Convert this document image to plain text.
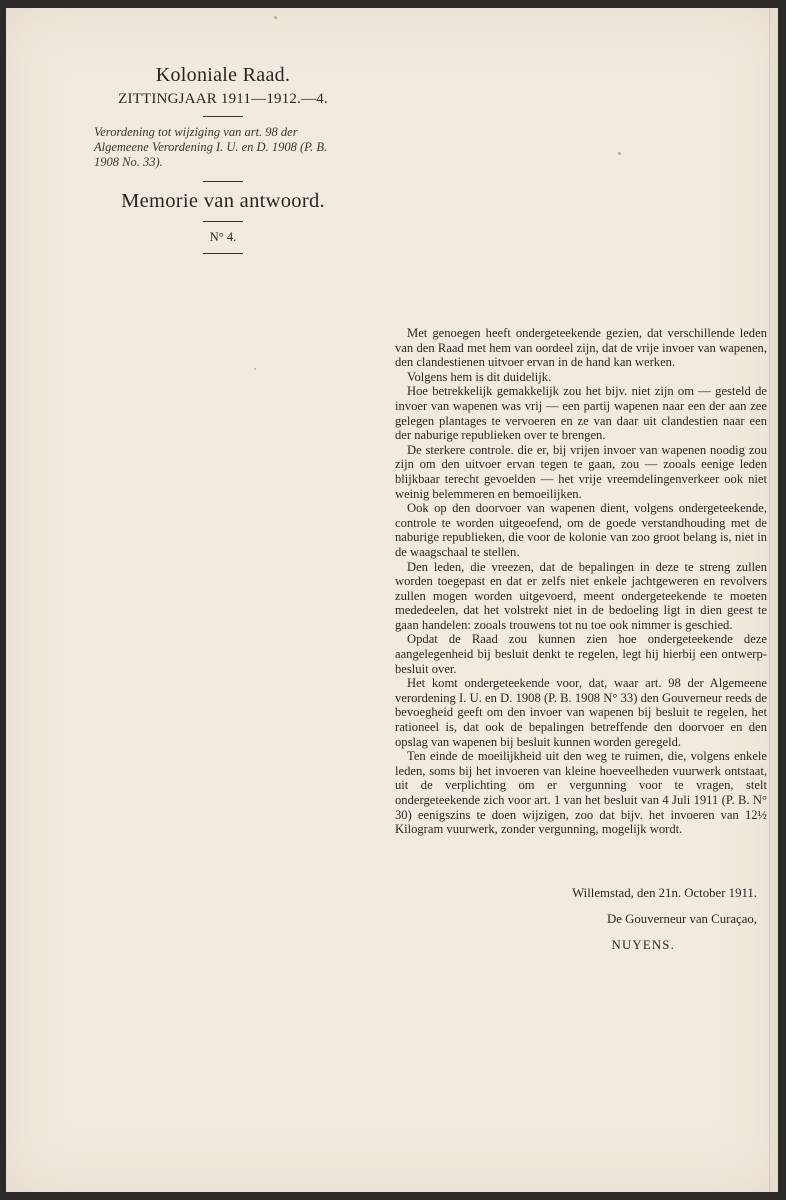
Koloniale Raad.
ZITTINGJAAR 1911—1912.—4.
Verordening tot wijziging van art. 98 der Algemeene Verordening I. U. en D. 1908 (P. B. 1908 No. 33).
Memorie van antwoord.
N° 4.

Met genoegen heeft ondergeteekende gezien, dat verschillende leden van den Raad met hem van oordeel zijn, dat de vrije invoer van wapenen, den clandestienen uitvoer ervan in de hand kan werken.

Volgens hem is dit duidelijk.

Hoe betrekkelijk gemakkelijk zou het bijv. niet zijn om — gesteld de invoer van wapenen was vrij — een partij wapenen naar een der aan zee gelegen plantages te vervoeren en ze van daar uit clandestien naar een der naburige republieken over te brengen.

De sterkere controle. die er, bij vrijen invoer van wapenen noodig zou zijn om den uitvoer ervan tegen te gaan, zou — zooals eenige leden blijkbaar terecht gevoelden — het vrije vreemdelingenverkeer ook niet weinig belemmeren en bemoeilijken.

Ook op den doorvoer van wapenen dient, volgens ondergeteekende, controle te worden uitgeoefend, om de goede verstandhouding met de naburige republieken, die voor de kolonie van zoo groot belang is, niet in de waagschaal te stellen.

Den leden, die vreezen, dat de bepalingen in deze te streng zullen worden toegepast en dat er zelfs niet enkele jachtgeweren en revolvers zullen mogen worden uitgevoerd, meent ondergeteekende te moeten mededeelen, dat het volstrekt niet in de bedoeling ligt in dien geest te gaan handelen: zooals trouwens tot nu toe ook nimmer is geschied.

Opdat de Raad zou kunnen zien hoe ondergeteekende deze aangelegenheid bij besluit denkt te regelen, legt hij hierbij een ontwerp-besluit over.

Het komt ondergeteekende voor, dat, waar art. 98 der Algemeene verordening I. U. en D. 1908 (P. B. 1908 N° 33) den Gouverneur reeds de bevoegheid geeft om den invoer van wapenen bij besluit te regelen, het rationeel is, dat ook de bepalingen betreffende den doorvoer en den opslag van wapenen bij besluit kunnen worden geregeld.

Ten einde de moeilijkheid uit den weg te ruimen, die, volgens enkele leden, soms bij het invoeren van kleine hoeveelheden vuurwerk ontstaat, uit de verplichting om er vergunning voor te vragen, stelt ondergeteekende zich voor art. 1 van het besluit van 4 Juli 1911 (P. B. N° 30) eenigszins te doen wijzigen, zoo dat bijv. het invoeren van 12½ Kilogram vuurwerk, zonder vergunning, mogelijk wordt.

Willemstad, den 21n. October 1911.
De Gouverneur van Curaçao,
NUYENS.
